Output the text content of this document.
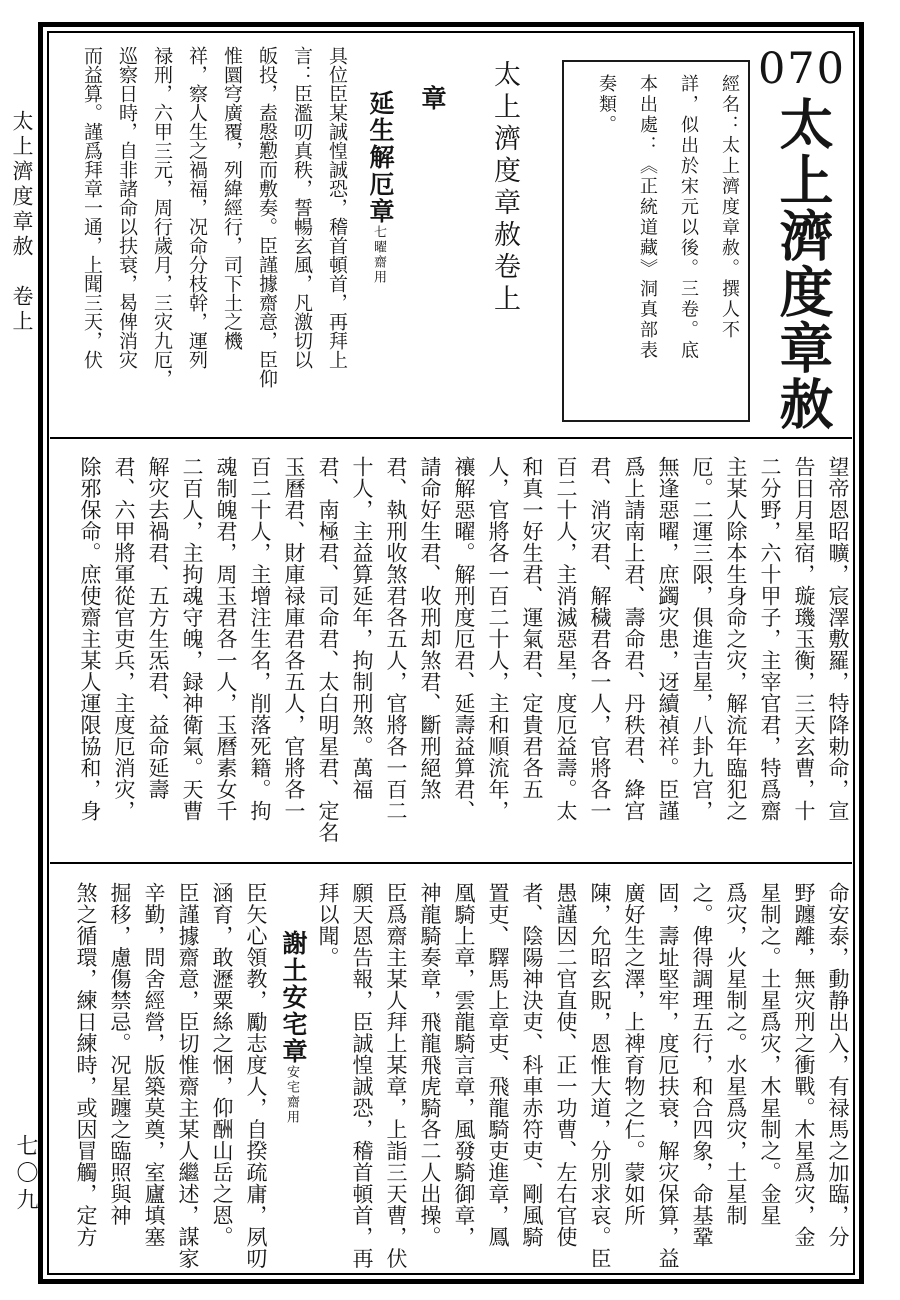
太上濟度章赦　卷上
七〇九
070太上濟度章赦
經名：太上濟度章赦。撰人不
詳，似出於宋元以後。三卷。底
本出處：《正統道藏》洞真部表
奏類。
太上濟度章赦卷上
章
延生解厄章七曜齋用
具位臣某誠惶誠恐，稽首頓首，再拜上
言：臣濫叨真秩，誓暢玄風，凡激切以
皈投，盍慇懃而敷奏。臣謹據齋意，臣仰
惟圜穹廣覆，列緯經行，司下土之機
祥，察人生之禍福，况命分枝幹，運列
禄刑，六甲三元，周行歲月，三灾九厄，
巡察日時，自非諸命以扶衰，曷俾消灾
而益算。謹爲拜章一通，上聞三天，伏
望帝恩昭曠，宸澤敷羅，特降勅命，宣
告日月星宿，璇璣玉衡，三天玄曹，十
二分野，六十甲子，主宰官君，特爲齋
主某人除本生身命之灾，解流年臨犯之
厄。二運三限，俱進吉星，八卦九宫，
無逢惡曜，庶蠲灾患，迓續禎祥。臣謹
爲上請南上君、壽命君、丹秩君、絳宫
君、消灾君、解穢君各一人，官將各一
百二十人，主消滅惡星，度厄益壽。太
和真一好生君、運氣君、定貴君各五
人，官將各一百二十人，主和順流年，
禳解惡曜。解刑度厄君、延壽益算君、
請命好生君、收刑却煞君、斷刑絕煞
君、執刑收煞君各五人，官將各一百二
十人，主益算延年，拘制刑煞。萬福
君、南極君、司命君、太白明星君、定名
玉曆君、財庫禄庫君各五人，官將各一
百二十人，主增注生名，削落死籍。拘
魂制魄君，周玉君各一人，玉曆素女千
二百人，主拘魂守魄，録神衛氣。天曹
解灾去禍君、五方生炁君、益命延壽
君、六甲將軍從官吏兵，主度厄消灾，
除邪保命。庶使齋主某人運限協和，身
命安泰，動静出入，有禄馬之加臨，分
野躔離，無灾刑之衝戰。木星爲灾，金
星制之。土星爲灾，木星制之。金星
爲灾，火星制之。水星爲灾，土星制
之。俾得調理五行，和合四象，命基鞏
固，壽址堅牢，度厄扶衰，解灾保算，益
廣好生之澤，上禆育物之仁。蒙如所
陳，允昭玄貺，恩惟大道，分別求哀。臣
愚謹因二官直使、正一功曹、左右官使
者、陰陽神決吏、科車赤符吏、剛風騎
置吏、驛馬上章吏、飛龍騎吏進章，鳳
凰騎上章，雲龍騎言章，風發騎御章，
神龍騎奏章，飛龍飛虎騎各二人出操。
臣爲齋主某人拜上某章，上詣三天曹，伏
願天恩告報，臣誠惶誠恐，稽首頓首，再
拜以聞。
謝土安宅章安宅齋用
臣矢心領教，勵志度人，自揆疏庸，夙叨
涵育，敢瀝粟絲之悃，仰酬山岳之恩。
臣謹據齋意，臣切惟齋主某人繼述，謀家
辛勤，問舍經營，版築莫奠，室廬填塞
掘移，慮傷禁忌。况星躔之臨照與神
煞之循環，練日練時，或因冒觸，定方
